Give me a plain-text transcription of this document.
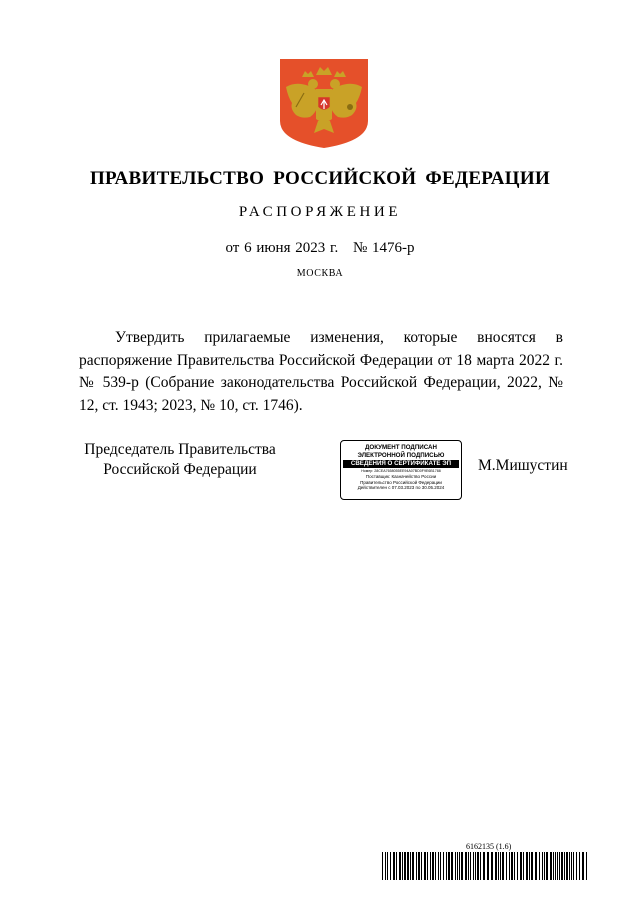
ПРАВИТЕЛЬСТВО РОССИЙСКОЙ ФЕДЕРАЦИИ
РАСПОРЯЖЕНИЕ
от 6 июня 2023 г. № 1476-р
МОСКВА

Утвердить прилагаемые изменения, которые вносятся в распоряжение Правительства Российской Федерации от 18 марта 2022 г. № 539-р (Собрание законодательства Российской Федерации, 2022, № 12, ст. 1943; 2023, № 10, ст. 1746).

Председатель Правительства
Российской Федерации
ДОКУМЕНТ ПОДПИСАН
ЭЛЕКТРОННОЙ ПОДПИСЬЮ
СВЕДЕНИЯ О СЕРТИФИКАТЕ ЭП
Номер: 28CEA7658055EE94A07BD0F9E6B1788
Поставщик: Казначейство России
Правительство Российской Федерации
Действителен с 07.03.2023 по 30.05.2024
М.Мишустин
6162135 (1.6)
